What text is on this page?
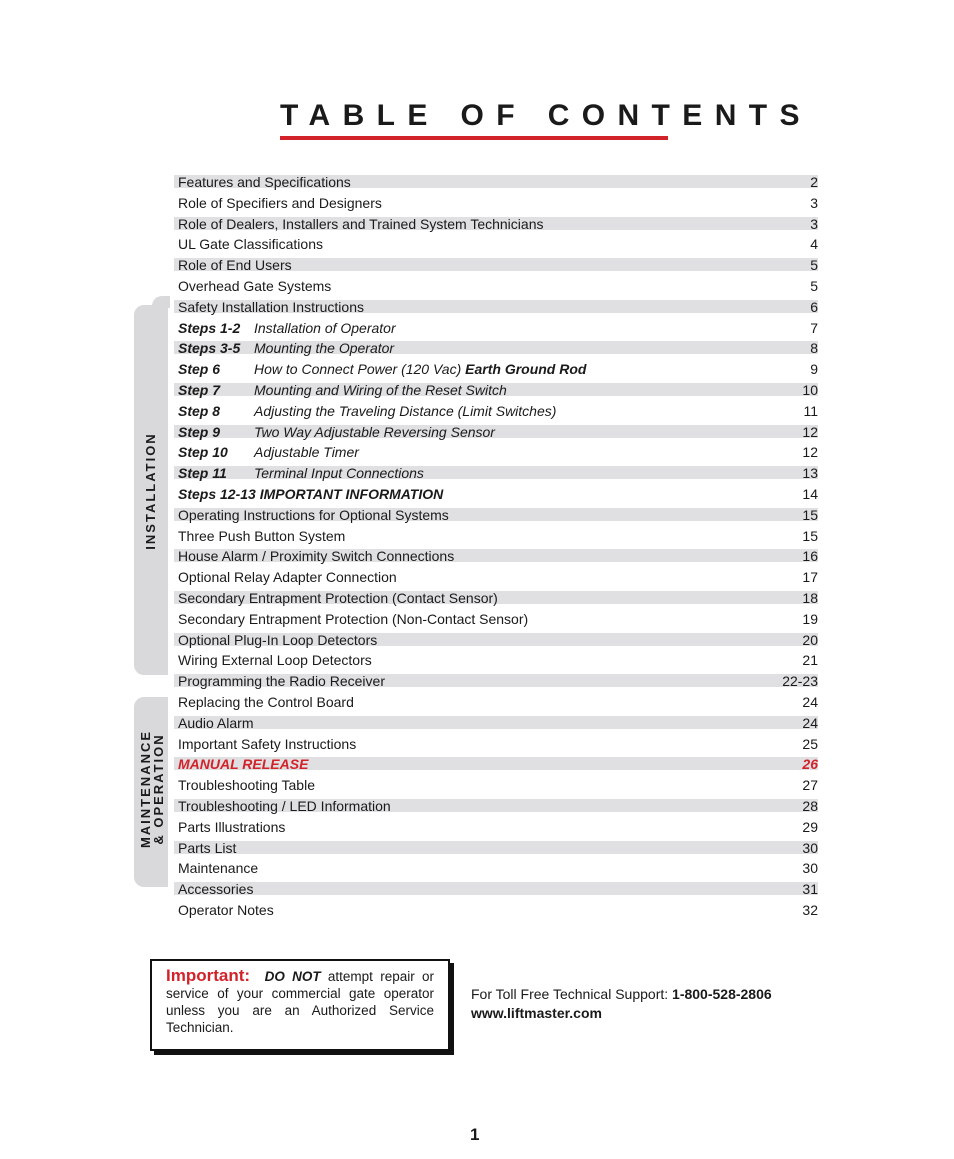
TABLE OF CONTENTS
INSTALLATION
MAINTENANCE
& OPERATION
Features and Specifications	2
Role of Specifiers and Designers	3
Role of Dealers, Installers and Trained System Technicians	3
UL Gate Classifications	4
Role of End Users	5
Overhead Gate Systems	5
Safety Installation Instructions	6
Steps 1-2 Installation of Operator	7
Steps 3-5 Mounting the Operator	8
Step 6 How to Connect Power (120 Vac) Earth Ground Rod	9
Step 7 Mounting and Wiring of the Reset Switch	10
Step 8 Adjusting the Traveling Distance (Limit Switches)	11
Step 9 Two Way Adjustable Reversing Sensor	12
Step 10 Adjustable Timer	12
Step 11 Terminal Input Connections	13
Steps 12-13 IMPORTANT INFORMATION	14
Operating Instructions for Optional Systems	15
Three Push Button System	15
House Alarm / Proximity Switch Connections	16
Optional Relay Adapter Connection	17
Secondary Entrapment Protection (Contact Sensor)	18
Secondary Entrapment Protection (Non-Contact Sensor)	19
Optional Plug-In Loop Detectors	20
Wiring External Loop Detectors	21
Programming the Radio Receiver	22-23
Replacing the Control Board	24
Audio Alarm	24
Important Safety Instructions	25
MANUAL RELEASE	26
Troubleshooting Table	27
Troubleshooting / LED Information	28
Parts Illustrations	29
Parts List	30
Maintenance	30
Accessories	31
Operator Notes	32
Important: DO NOT attempt repair or service of your commercial gate operator unless you are an Authorized Service Technician.
For Toll Free Technical Support: 1-800-528-2806
www.liftmaster.com
1
